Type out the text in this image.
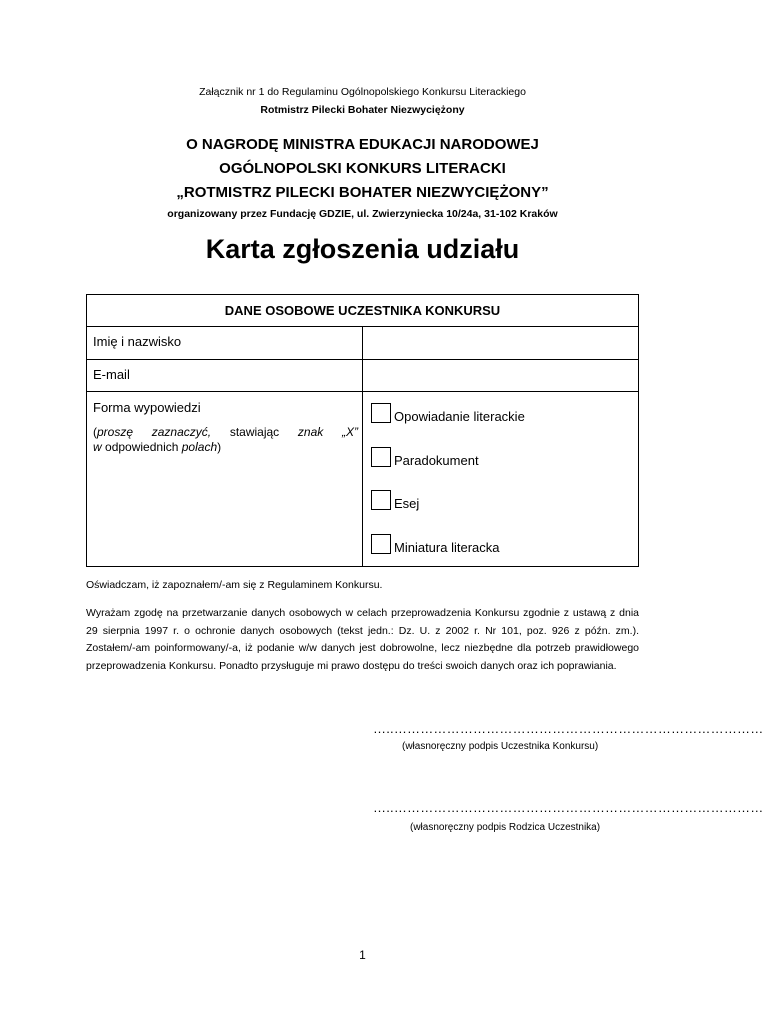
Załącznik nr 1 do Regulaminu Ogólnopolskiego Konkursu Literackiego
Rotmistrz Pilecki Bohater Niezwyciężony
O NAGRODĘ MINISTRA EDUKACJI NARODOWEJ
OGÓLNOPOLSKI KONKURS LITERACKI
„ROTMISTRZ PILECKI BOHATER NIEZWYCIĘŻONY”
organizowany przez Fundację GDZIE, ul. Zwierzyniecka 10/24a, 31-102 Kraków
Karta zgłoszenia udziału
DANE OSOBOWE UCZESTNIKA KONKURSU
Imię i nazwisko
E-mail
Forma wypowiedzi
(proszę zaznaczyć, stawiając znak „X”
w odpowiednich polach)
Opowiadanie literackie
Paradokument
Esej
Miniatura literacka
Oświadczam, iż zapoznałem/-am się z Regulaminem Konkursu.
Wyrażam zgodę na przetwarzanie danych osobowych w celach przeprowadzenia Konkursu zgodnie z ustawą z dnia 29 sierpnia 1997 r. o ochronie danych osobowych (tekst jedn.: Dz. U. z 2002 r. Nr 101, poz. 926 z późn. zm.). Zostałem/-am poinformowany/-a, iż podanie w/w danych jest dobrowolne, lecz niezbędne dla potrzeb prawidłowego przeprowadzenia Konkursu. Ponadto przysługuje mi prawo dostępu do treści swoich danych oraz ich poprawiania.
…..…………………………………………………………………………
(własnoręczny podpis Uczestnika Konkursu)
…..…………………………………………………………………………
(własnoręczny podpis Rodzica Uczestnika)
1
